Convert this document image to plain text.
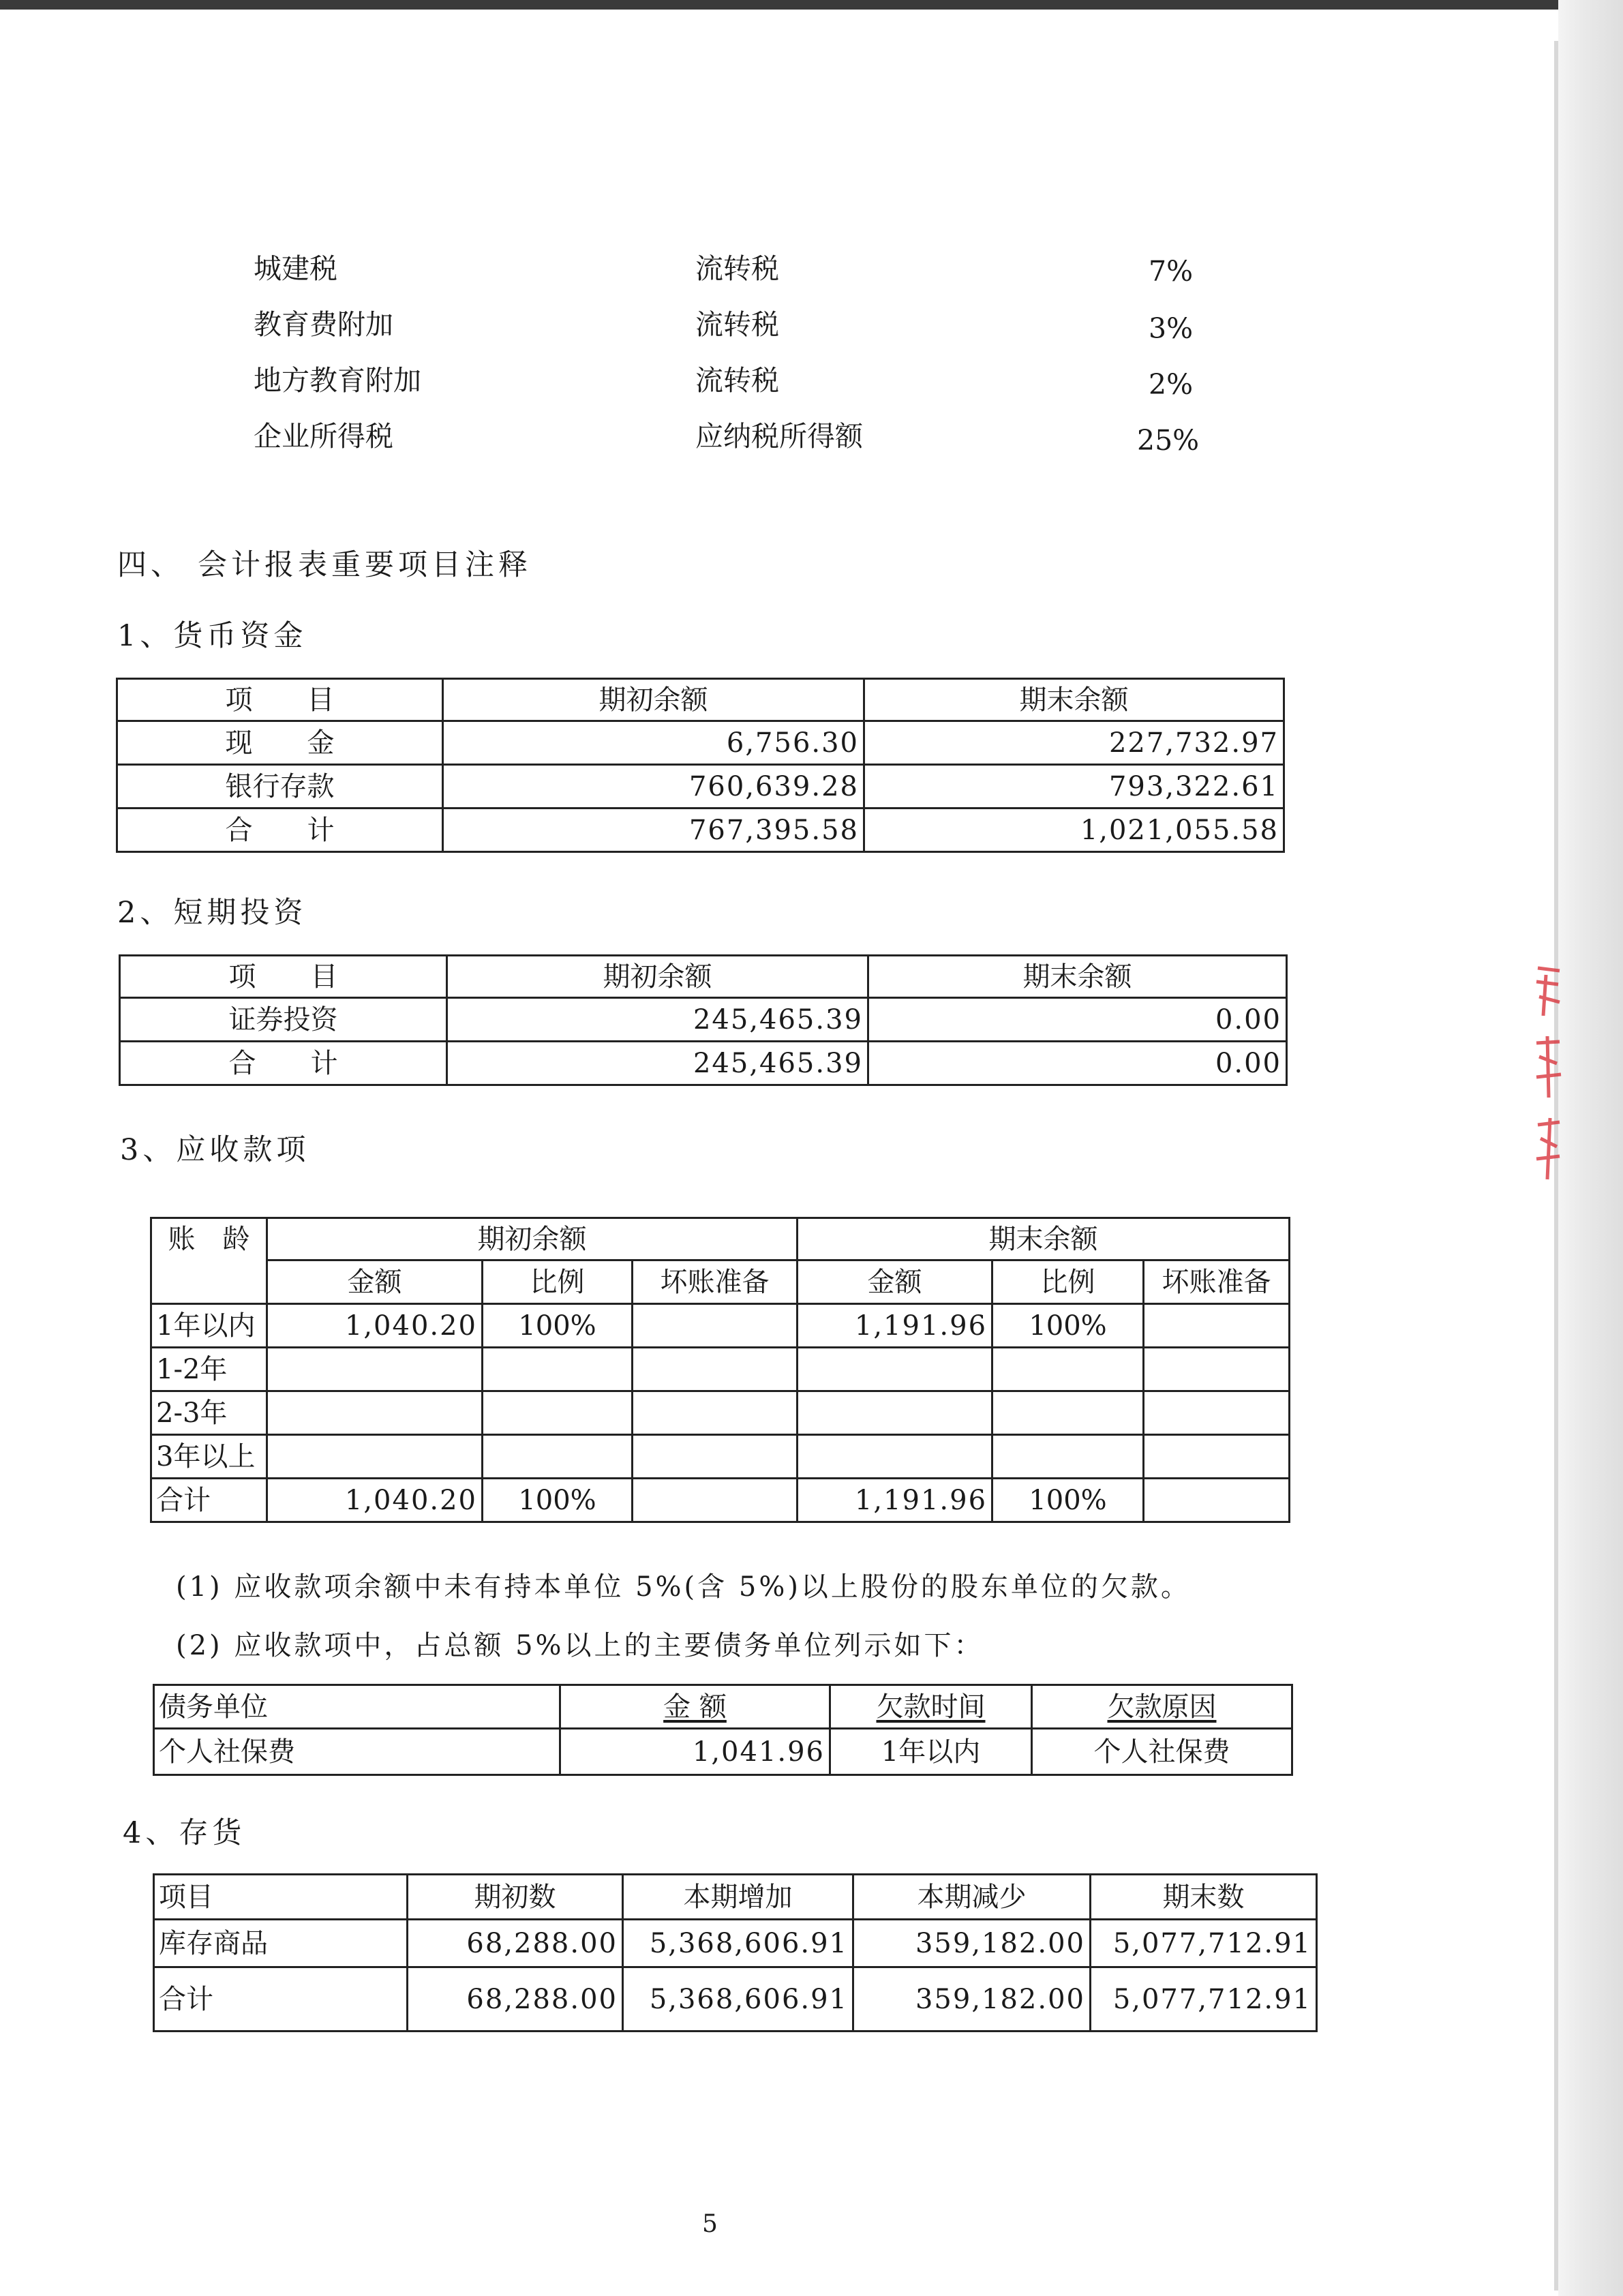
城建税	流转税	7%
教育费附加	流转税	3%
地方教育附加	流转税	2%
企业所得税	应纳税所得额	25%
四、 会计报表重要项目注释
1、货币资金
项　　目	期初余额	期末余额
现　　金	6,756.30	227,732.97
银行存款	760,639.28	793,322.61
合　　计	767,395.58	1,021,055.58
2、短期投资
项　　目	期初余额	期末余额
证券投资	245,465.39	0.00
合　　计	245,465.39	0.00
3、应收款项
账　龄	期初余额			期末余额		
	金额	比例	坏账准备	金额	比例	坏账准备
1年以内	1,040.20	100%		1,191.96	100%	
1-2年						
2-3年						
3年以上						
合计	1,040.20	100%		1,191.96	100%	
(1) 应收款项余额中未有持本单位 5%(含 5%)以上股份的股东单位的欠款。
(2) 应收款项中，占总额 5%以上的主要债务单位列示如下：
债务单位	金 额	欠款时间	欠款原因
个人社保费	1,041.96	1年以内	个人社保费
4、存货
项目	期初数	本期增加	本期减少	期末数
库存商品	68,288.00	5,368,606.91	359,182.00	5,077,712.91
合计	68,288.00	5,368,606.91	359,182.00	5,077,712.91
5
